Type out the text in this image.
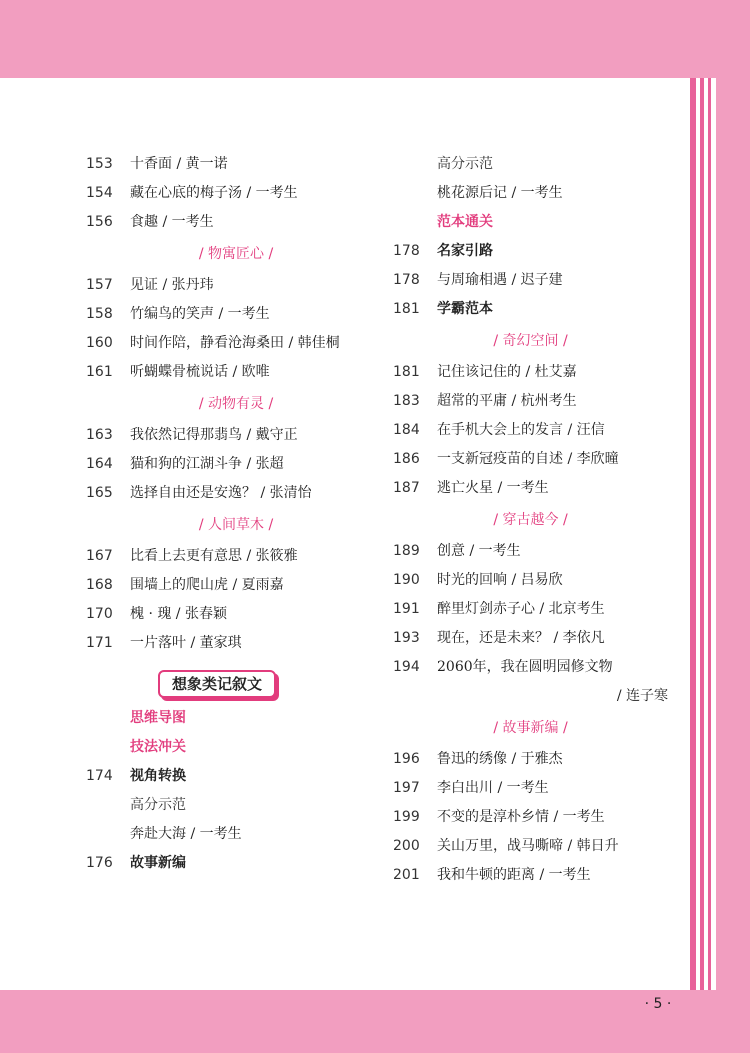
153 十香面 / 黄一诺
154 藏在心底的梅子汤 / 一考生
156 食趣 / 一考生
/ 物寓匠心 /
157 见证 / 张丹玮
158 竹编鸟的笑声 / 一考生
160 时间作陪，静看沧海桑田 / 韩佳桐
161 听蝴蝶骨梳说话 / 欧唯
/ 动物有灵 /
163 我依然记得那翡鸟 / 戴守正
164 猫和狗的江湖斗争 / 张超
165 选择自由还是安逸？ / 张清怡
/ 人间草木 /
167 比看上去更有意思 / 张筱雅
168 围墙上的爬山虎 / 夏雨嘉
170 槐 · 瑰 / 张春颖
171 一片落叶 / 董家琪
想象类记叙文
思维导图
技法冲关
174 视角转换
高分示范
奔赴大海 / 一考生
176 故事新编
高分示范
桃花源后记 / 一考生
范本通关
178 名家引路
178 与周瑜相遇 / 迟子建
181 学霸范本
/ 奇幻空间 /
181 记住该记住的 / 杜艾嘉
183 超常的平庸 / 杭州考生
184 在手机大会上的发言 / 汪信
186 一支新冠疫苗的自述 / 李欣曈
187 逃亡火星 / 一考生
/ 穿古越今 /
189 创意 / 一考生
190 时光的回响 / 吕易欣
191 醉里灯剑赤子心 / 北京考生
193 现在，还是未来？ / 李依凡
194 2060年，我在圆明园修文物
/ 连子寒
/ 故事新编 /
196 鲁迅的绣像 / 于雅杰
197 李白出川 / 一考生
199 不变的是淳朴乡情 / 一考生
200 关山万里，战马嘶啼 / 韩日升
201 我和牛顿的距离 / 一考生
· 5 ·
